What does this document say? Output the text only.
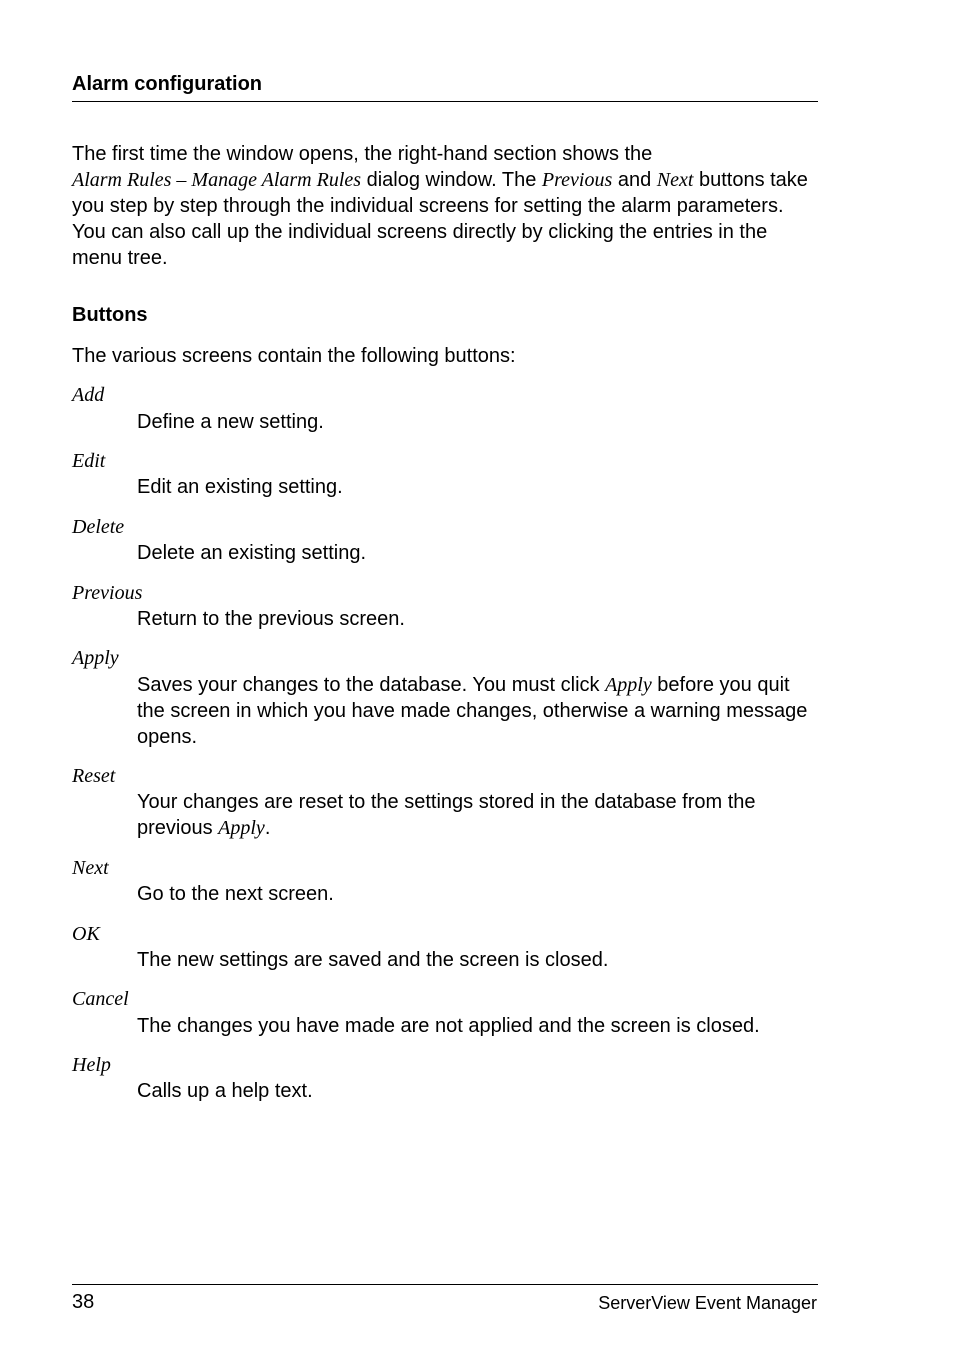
Alarm configuration
The first time the window opens, the right-hand section shows the
Alarm Rules – Manage Alarm Rules dialog window. The Previous and Next buttons take you step by step through the individual screens for setting the alarm parameters. You can also call up the individual screens directly by clicking the entries in the menu tree.
Buttons
The various screens contain the following buttons:
Add
Define a new setting.
Edit
Edit an existing setting.
Delete
Delete an existing setting.
Previous
Return to the previous screen.
Apply
Saves your changes to the database. You must click Apply before you quit the screen in which you have made changes, otherwise a warning message opens.
Reset
Your changes are reset to the settings stored in the database from the previous Apply.
Next
Go to the next screen.
OK
The new settings are saved and the screen is closed.
Cancel
The changes you have made are not applied and the screen is closed.
Help
Calls up a help text.
38	ServerView Event Manager
